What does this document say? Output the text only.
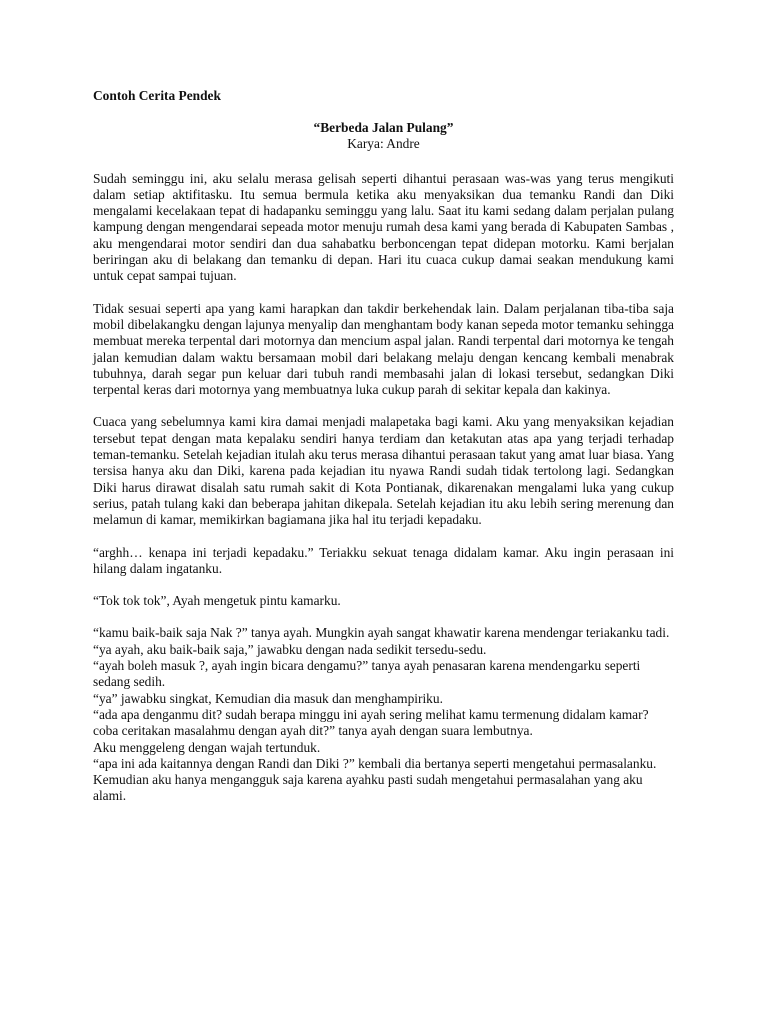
Contoh Cerita Pendek

“Berbeda Jalan Pulang”

Karya: Andre

Sudah seminggu ini, aku selalu merasa gelisah seperti dihantui perasaan was-was yang terus mengikuti dalam setiap aktifitasku. Itu semua bermula ketika aku menyaksikan dua temanku Randi dan Diki mengalami kecelakaan tepat di hadapanku seminggu yang lalu. Saat itu kami sedang dalam perjalan pulang kampung dengan mengendarai sepeada motor menuju rumah desa kami yang berada di Kabupaten Sambas , aku mengendarai motor sendiri dan dua sahabatku berboncengan tepat didepan motorku. Kami berjalan beriringan aku di belakang dan temanku di depan. Hari itu cuaca cukup damai seakan mendukung kami untuk cepat sampai tujuan.

Tidak sesuai seperti apa yang kami harapkan dan takdir berkehendak lain. Dalam perjalanan tiba-tiba saja mobil dibelakangku dengan lajunya menyalip dan menghantam body kanan sepeda motor temanku sehingga membuat mereka terpental dari motornya dan mencium aspal jalan. Randi terpental dari motornya ke tengah jalan kemudian dalam waktu bersamaan mobil dari belakang melaju dengan kencang kembali menabrak tubuhnya, darah segar pun keluar dari tubuh randi membasahi jalan di lokasi tersebut, sedangkan Diki terpental keras dari motornya yang membuatnya luka cukup parah di sekitar kepala dan kakinya.

Cuaca yang sebelumnya kami kira damai menjadi malapetaka bagi kami. Aku yang menyaksikan kejadian tersebut tepat dengan mata kepalaku sendiri hanya terdiam dan ketakutan atas apa yang terjadi terhadap teman-temanku. Setelah kejadian itulah aku terus merasa dihantui perasaan takut yang amat luar biasa. Yang tersisa hanya aku dan Diki, karena pada kejadian itu nyawa Randi sudah tidak tertolong lagi. Sedangkan Diki harus dirawat disalah satu rumah sakit di Kota Pontianak, dikarenakan mengalami luka yang cukup serius, patah tulang kaki dan beberapa jahitan dikepala. Setelah kejadian itu aku lebih sering merenung dan melamun di kamar, memikirkan bagiamana jika hal itu terjadi kepadaku.

“arghh… kenapa ini terjadi kepadaku.” Teriakku sekuat tenaga didalam kamar. Aku ingin perasaan ini hilang dalam ingatanku.

“Tok tok tok”, Ayah mengetuk pintu kamarku.

“kamu baik-baik saja Nak ?” tanya ayah. Mungkin ayah sangat khawatir karena mendengar teriakanku tadi.

“ya ayah, aku baik-baik saja,” jawabku dengan nada sedikit tersedu-sedu.

“ayah boleh masuk ?, ayah ingin bicara dengamu?” tanya ayah penasaran karena mendengarku seperti sedang sedih.

“ya” jawabku singkat, Kemudian dia masuk dan menghampiriku.

“ada apa denganmu dit? sudah berapa minggu ini ayah sering melihat kamu termenung didalam kamar? coba ceritakan masalahmu dengan ayah dit?” tanya ayah dengan suara lembutnya.

Aku menggeleng dengan wajah tertunduk.

“apa ini ada kaitannya dengan Randi dan Diki ?” kembali dia bertanya seperti mengetahui permasalanku.

Kemudian aku hanya mengangguk saja karena ayahku pasti sudah mengetahui permasalahan yang aku alami.
